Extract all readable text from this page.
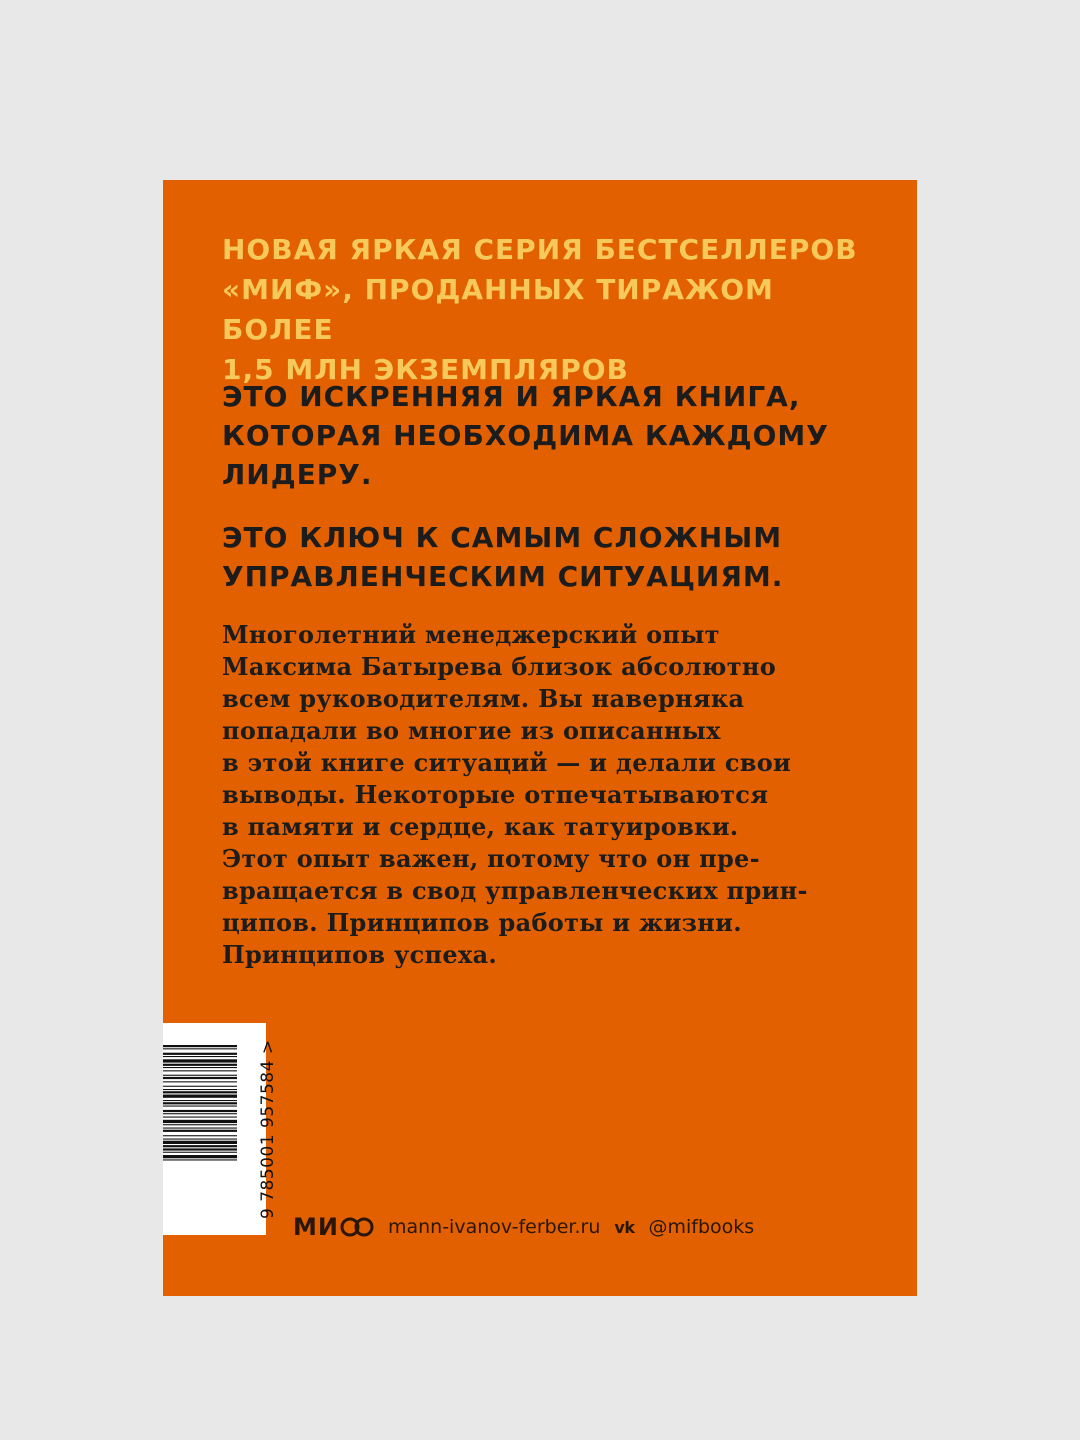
НОВАЯ ЯРКАЯ СЕРИЯ БЕСТСЕЛЛЕРОВ
«МИФ», ПРОДАННЫХ ТИРАЖОМ БОЛЕЕ
1,5 МЛН ЭКЗЕМПЛЯРОВ

ЭТО ИСКРЕННЯЯ И ЯРКАЯ КНИГА,
КОТОРАЯ НЕОБХОДИМА КАЖДОМУ
ЛИДЕРУ.

ЭТО КЛЮЧ К САМЫМ СЛОЖНЫМ
УПРАВЛЕНЧЕСКИМ СИТУАЦИЯМ.

Многолетний менеджерский опыт
Максима Батырева близок абсолютно
всем руководителям. Вы наверняка
попадали во многие из описанных
в этой книге ситуаций — и делали свои
выводы. Некоторые отпечатываются
в памяти и сердце, как татуировки.
Этот опыт важен, потому что он пре-
вращается в свод управленческих прин-
ципов. Принципов работы и жизни.
Принципов успеха.

9 785001 957584 >
МИ	mann-ivanov-ferber.ru vk @mifbooks
